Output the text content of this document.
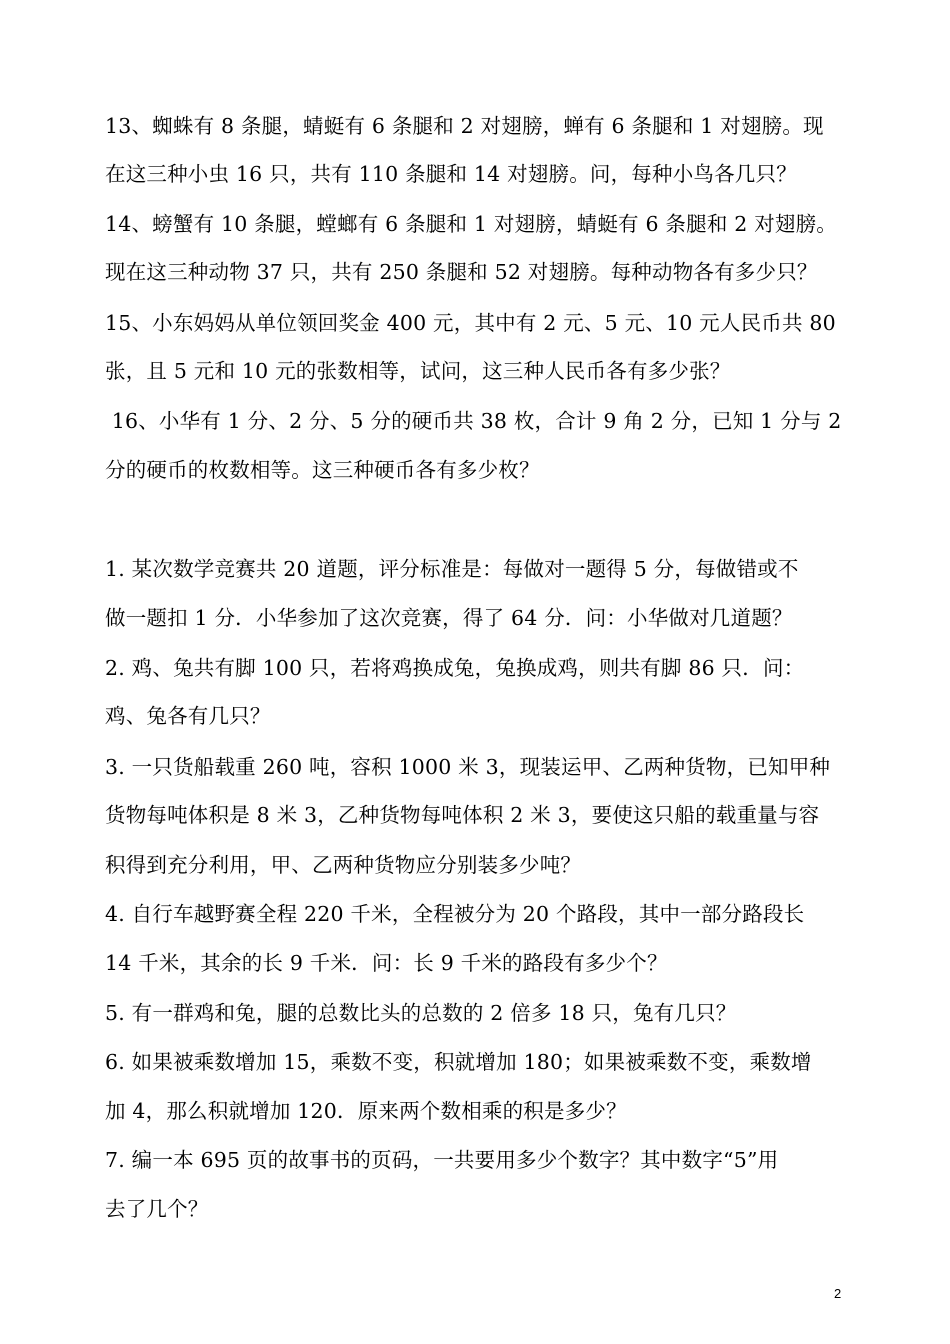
13、蜘蛛有 8 条腿，蜻蜓有 6 条腿和 2 对翅膀，蝉有 6 条腿和 1 对翅膀。现
在这三种小虫 16 只，共有 110 条腿和 14 对翅膀。问，每种小鸟各几只？
14、螃蟹有 10 条腿，螳螂有 6 条腿和 1 对翅膀，蜻蜓有 6 条腿和 2 对翅膀。
现在这三种动物 37 只，共有 250 条腿和 52 对翅膀。每种动物各有多少只？
15、小东妈妈从单位领回奖金 400 元，其中有 2 元、5 元、10 元人民币共 80
张，且 5 元和 10 元的张数相等，试问，这三种人民币各有多少张？
16、小华有 1 分、2 分、5 分的硬币共 38 枚，合计 9 角 2 分，已知 1 分与 2
分的硬币的枚数相等。这三种硬币各有多少枚？
1. 某次数学竞赛共 20 道题，评分标准是：每做对一题得 5 分，每做错或不
做一题扣 1 分．小华参加了这次竞赛，得了 64 分．问：小华做对几道题？
2. 鸡、兔共有脚 100 只，若将鸡换成兔，兔换成鸡，则共有脚 86 只．问：
鸡、兔各有几只？
3. 一只货船载重 260 吨，容积 1000 米 3，现装运甲、乙两种货物，已知甲种
货物每吨体积是 8 米 3，乙种货物每吨体积 2 米 3，要使这只船的载重量与容
积得到充分利用，甲、乙两种货物应分别装多少吨？
4. 自行车越野赛全程 220 千米，全程被分为 20 个路段，其中一部分路段长
14 千米，其余的长 9 千米．问：长 9 千米的路段有多少个？
5. 有一群鸡和兔，腿的总数比头的总数的 2 倍多 18 只，兔有几只？
6. 如果被乘数增加 15，乘数不变，积就增加 180；如果被乘数不变，乘数增
加 4，那么积就增加 120．原来两个数相乘的积是多少？
7. 编一本 695 页的故事书的页码，一共要用多少个数字？其中数字“5”用
去了几个？
2
